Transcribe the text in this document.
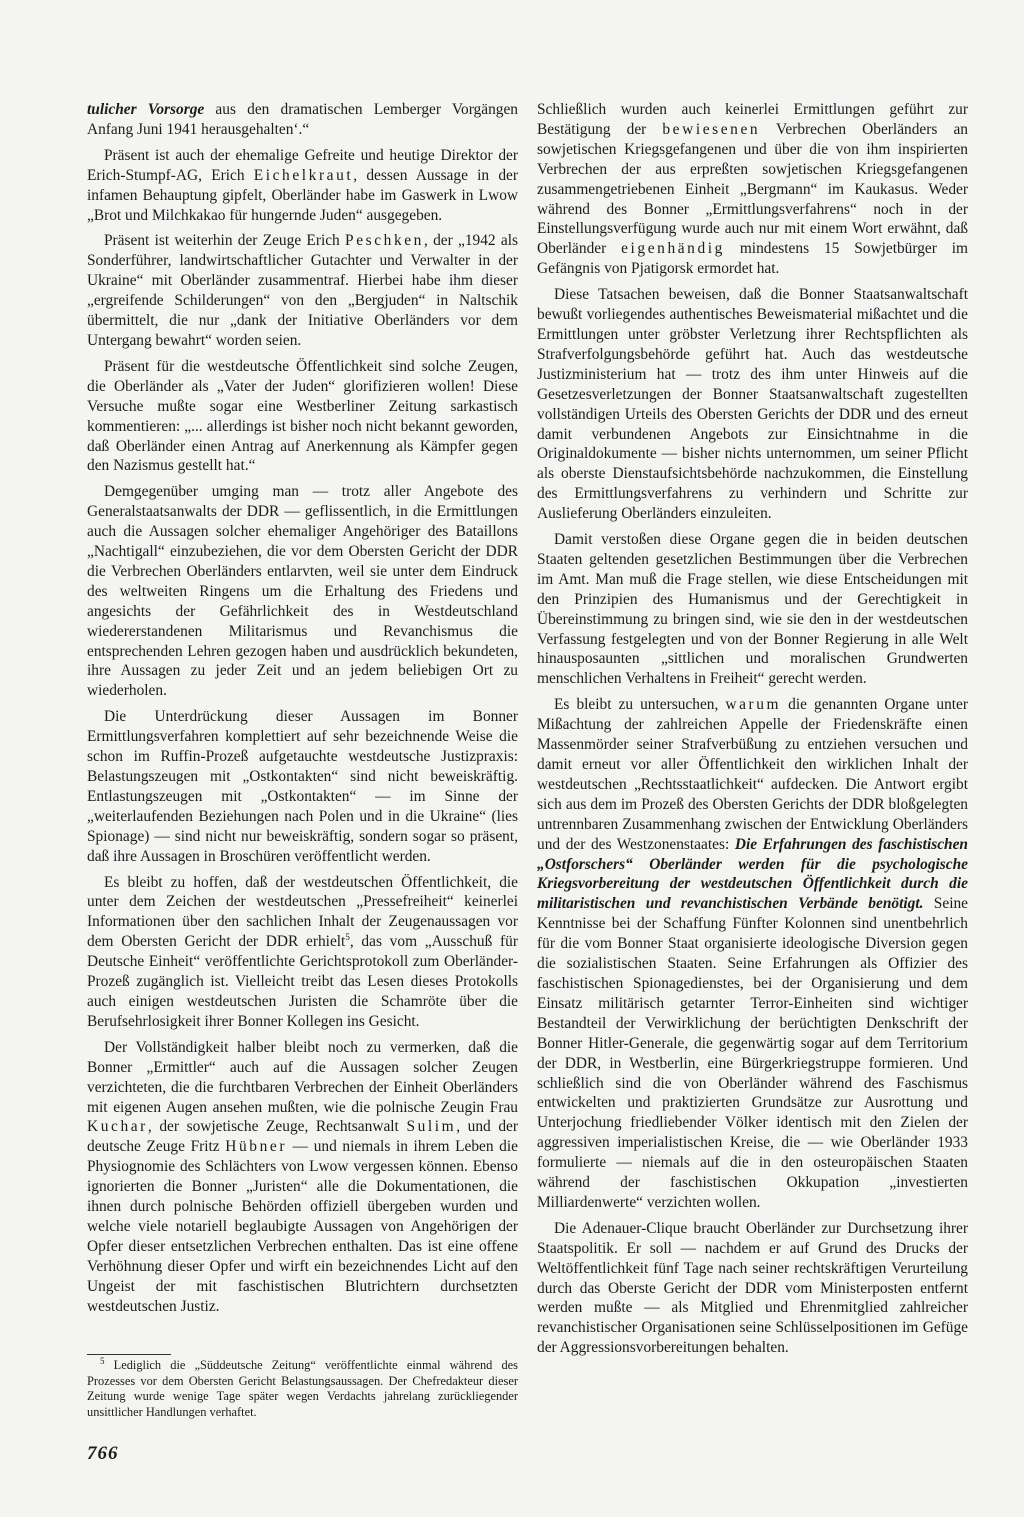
tulicher Vorsorge aus den dramatischen Lemberger Vorgängen Anfang Juni 1941 herausgehalten‘.“

Präsent ist auch der ehemalige Gefreite und heutige Direktor der Erich-Stumpf-AG, Erich Eichelkraut, dessen Aussage in der infamen Behauptung gipfelt, Oberländer habe im Gaswerk in Lwow „Brot und Milchkakao für hungernde Juden“ ausgegeben.

Präsent ist weiterhin der Zeuge Erich Peschken, der „1942 als Sonderführer, landwirtschaftlicher Gutachter und Verwalter in der Ukraine“ mit Oberländer zusammentraf. Hierbei habe ihm dieser „ergreifende Schilderungen“ von den „Bergjuden“ in Naltschik übermittelt, die nur „dank der Initiative Oberländers vor dem Untergang bewahrt“ worden seien.

Präsent für die westdeutsche Öffentlichkeit sind solche Zeugen, die Oberländer als „Vater der Juden“ glorifizieren wollen! Diese Versuche mußte sogar eine Westberliner Zeitung sarkastisch kommentieren: „... allerdings ist bisher noch nicht bekannt geworden, daß Oberländer einen Antrag auf Anerkennung als Kämpfer gegen den Nazismus gestellt hat.“

Demgegenüber umging man — trotz aller Angebote des Generalstaatsanwalts der DDR — geflissentlich, in die Ermittlungen auch die Aussagen solcher ehemaliger Angehöriger des Bataillons „Nachtigall“ einzubeziehen, die vor dem Obersten Gericht der DDR die Verbrechen Oberländers entlarvten, weil sie unter dem Eindruck des weltweiten Ringens um die Erhaltung des Friedens und angesichts der Gefährlichkeit des in Westdeutschland wiedererstandenen Militarismus und Revanchismus die entsprechenden Lehren gezogen haben und ausdrücklich bekundeten, ihre Aussagen zu jeder Zeit und an jedem beliebigen Ort zu wiederholen.

Die Unterdrückung dieser Aussagen im Bonner Ermittlungsverfahren komplettiert auf sehr bezeichnende Weise die schon im Ruffin-Prozeß aufgetauchte westdeutsche Justizpraxis: Belastungszeugen mit „Ostkontakten“ sind nicht beweiskräftig. Entlastungszeugen mit „Ostkontakten“ — im Sinne der „weiterlaufenden Beziehungen nach Polen und in die Ukraine“ (lies Spionage) — sind nicht nur beweiskräftig, sondern sogar so präsent, daß ihre Aussagen in Broschüren veröffentlicht werden.

Es bleibt zu hoffen, daß der westdeutschen Öffentlichkeit, die unter dem Zeichen der westdeutschen „Pressefreiheit“ keinerlei Informationen über den sachlichen Inhalt der Zeugenaussagen vor dem Obersten Gericht der DDR erhielt$^5$, das vom „Ausschuß für Deutsche Einheit“ veröffentlichte Gerichtsprotokoll zum Oberländer-Prozeß zugänglich ist. Vielleicht treibt das Lesen dieses Protokolls auch einigen westdeutschen Juristen die Schamröte über die Berufsehrlosigkeit ihrer Bonner Kollegen ins Gesicht.

Der Vollständigkeit halber bleibt noch zu vermerken, daß die Bonner „Ermittler“ auch auf die Aussagen solcher Zeugen verzichteten, die die furchtbaren Verbrechen der Einheit Oberländers mit eigenen Augen ansehen mußten, wie die polnische Zeugin Frau Kuchar, der sowjetische Zeuge, Rechtsanwalt Sulim, und der deutsche Zeuge Fritz Hübner — und niemals in ihrem Leben die Physiognomie des Schlächters von Lwow vergessen können. Ebenso ignorierten die Bonner „Juristen“ alle die Dokumentationen, die ihnen durch polnische Behörden offiziell übergeben wurden und welche viele notariell beglaubigte Aussagen von Angehörigen der Opfer dieser entsetzlichen Verbrechen enthalten. Das ist eine offene Verhöhnung dieser Opfer und wirft ein bezeichnendes Licht auf den Ungeist der mit faschistischen Blutrichtern durchsetzten westdeutschen Justiz.

$^5$ Lediglich die „Süddeutsche Zeitung“ veröffentlichte einmal während des Prozesses vor dem Obersten Gericht Belastungsaussagen. Der Chefredakteur dieser Zeitung wurde wenige Tage später wegen Verdachts jahrelang zurückliegender unsittlicher Handlungen verhaftet.

Schließlich wurden auch keinerlei Ermittlungen geführt zur Bestätigung der bewiesenen Verbrechen Oberländers an sowjetischen Kriegsgefangenen und über die von ihm inspirierten Verbrechen der aus erpreßten sowjetischen Kriegsgefangenen zusammengetriebenen Einheit „Bergmann“ im Kaukasus. Weder während des Bonner „Ermittlungsverfahrens“ noch in der Einstellungsverfügung wurde auch nur mit einem Wort erwähnt, daß Oberländer eigenhändig mindestens 15 Sowjetbürger im Gefängnis von Pjatigorsk ermordet hat.

Diese Tatsachen beweisen, daß die Bonner Staatsanwaltschaft bewußt vorliegendes authentisches Beweismaterial mißachtet und die Ermittlungen unter gröbster Verletzung ihrer Rechtspflichten als Strafverfolgungsbehörde geführt hat. Auch das westdeutsche Justizministerium hat — trotz des ihm unter Hinweis auf die Gesetzesverletzungen der Bonner Staatsanwaltschaft zugestellten vollständigen Urteils des Obersten Gerichts der DDR und des erneut damit verbundenen Angebots zur Einsichtnahme in die Originaldokumente — bisher nichts unternommen, um seiner Pflicht als oberste Dienstaufsichtsbehörde nachzukommen, die Einstellung des Ermittlungsverfahrens zu verhindern und Schritte zur Auslieferung Oberländers einzuleiten.

Damit verstoßen diese Organe gegen die in beiden deutschen Staaten geltenden gesetzlichen Bestimmungen über die Verbrechen im Amt. Man muß die Frage stellen, wie diese Entscheidungen mit den Prinzipien des Humanismus und der Gerechtigkeit in Übereinstimmung zu bringen sind, wie sie den in der westdeutschen Verfassung festgelegten und von der Bonner Regierung in alle Welt hinausposaunten „sittlichen und moralischen Grundwerten menschlichen Verhaltens in Freiheit“ gerecht werden.

Es bleibt zu untersuchen, warum die genannten Organe unter Mißachtung der zahlreichen Appelle der Friedenskräfte einen Massenmörder seiner Strafverbüßung zu entziehen versuchen und damit erneut vor aller Öffentlichkeit den wirklichen Inhalt der westdeutschen „Rechtsstaatlichkeit“ aufdecken. Die Antwort ergibt sich aus dem im Prozeß des Obersten Gerichts der DDR bloßgelegten untrennbaren Zusammenhang zwischen der Entwicklung Oberländers und der des Westzonenstaates: Die Erfahrungen des faschistischen „Ostforschers“ Oberländer werden für die psychologische Kriegsvorbereitung der westdeutschen Öffentlichkeit durch die militaristischen und revanchistischen Verbände benötigt. Seine Kenntnisse bei der Schaffung Fünfter Kolonnen sind unentbehrlich für die vom Bonner Staat organisierte ideologische Diversion gegen die sozialistischen Staaten. Seine Erfahrungen als Offizier des faschistischen Spionagedienstes, bei der Organisierung und dem Einsatz militärisch getarnter Terror-Einheiten sind wichtiger Bestandteil der Verwirklichung der berüchtigten Denkschrift der Bonner Hitler-Generale, die gegenwärtig sogar auf dem Territorium der DDR, in Westberlin, eine Bürgerkriegstruppe formieren. Und schließlich sind die von Oberländer während des Faschismus entwickelten und praktizierten Grundsätze zur Ausrottung und Unterjochung friedliebender Völker identisch mit den Zielen der aggressiven imperialistischen Kreise, die — wie Oberländer 1933 formulierte — niemals auf die in den osteuropäischen Staaten während der faschistischen Okkupation „investierten Milliardenwerte“ verzichten wollen.

Die Adenauer-Clique braucht Oberländer zur Durchsetzung ihrer Staatspolitik. Er soll — nachdem er auf Grund des Drucks der Weltöffentlichkeit fünf Tage nach seiner rechtskräftigen Verurteilung durch das Oberste Gericht der DDR vom Ministerposten entfernt werden mußte — als Mitglied und Ehrenmitglied zahlreicher revanchistischer Organisationen seine Schlüsselpositionen im Gefüge der Aggressionsvorbereitungen behalten.

766
